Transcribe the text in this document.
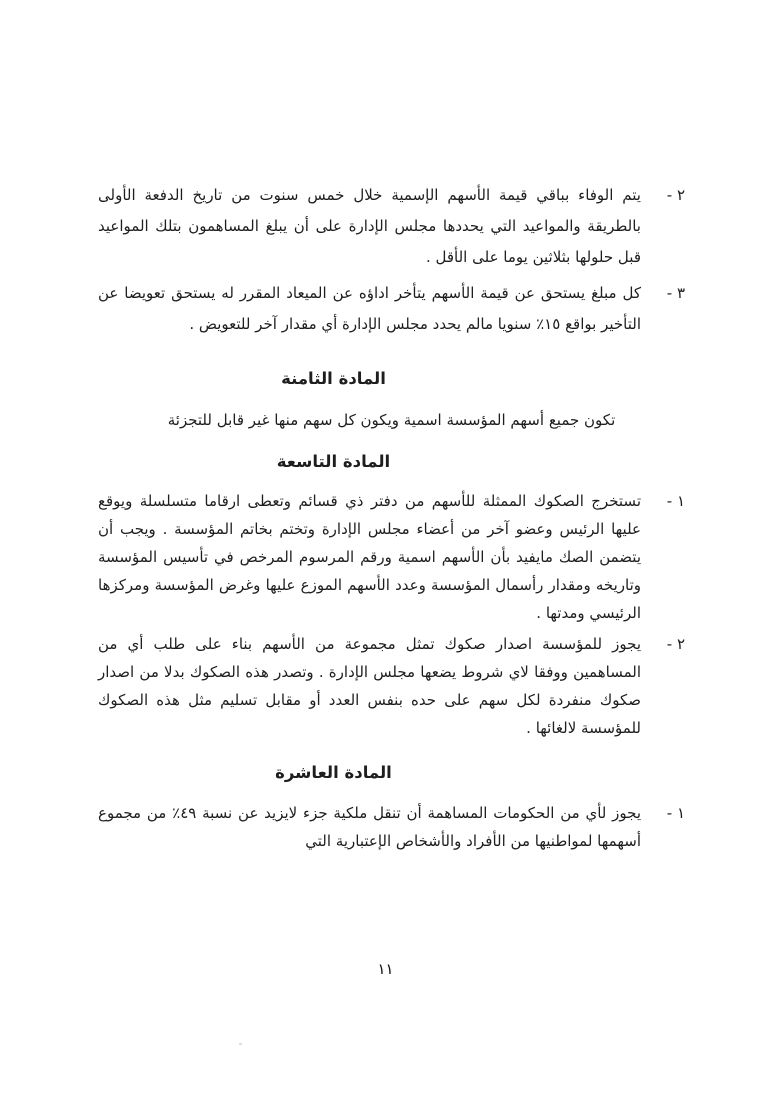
٢ -

يتم الوفاء بباقي قيمة الأسهم الإسمية خلال خمس سنوت من تاريخ الدفعة الأولى بالطريقة والمواعيد التي يحددها مجلس الإدارة على أن يبلغ المساهمون بتلك المواعيد قبل حلولها بثلاثين يوما على الأقل .

٣ -

كل مبلغ يستحق عن قيمة الأسهم يتأخر اداؤه عن الميعاد المقرر له يستحق تعويضا عن التأخير بواقع ١٥٪ سنويا مالم يحدد مجلس الإدارة أي مقدار آخر للتعويض .

المادة الثامنة

تكون جميع أسهم المؤسسة اسمية ويكون كل سهم منها غير قابل للتجزئة

المادة التاسعة
١ -

تستخرج الصكوك الممثلة للأسهم من دفتر ذي قسائم وتعطى ارقاما متسلسلة ويوقع عليها الرئيس وعضو آخر من أعضاء مجلس الإدارة وتختم بخاتم المؤسسة . ويجب أن يتضمن الصك مايفيد بأن الأسهم اسمية ورقم المرسوم المرخص في تأسيس المؤسسة وتاريخه ومقدار رأسمال المؤسسة وعدد الأسهم الموزع عليها وغرض المؤسسة ومركزها الرئيسي ومدتها .

٢ -

يجوز للمؤسسة اصدار صكوك تمثل مجموعة من الأسهم بناء على طلب أي من المساهمين ووفقا لاي شروط يضعها مجلس الإدارة . وتصدر هذه الصكوك بدلا من اصدار صكوك منفردة لكل سهم على حده بنفس العدد أو مقابل تسليم مثل هذه الصكوك للمؤسسة لالغائها .

المادة العاشرة
١ -

يجوز لأي من الحكومات المساهمة أن تنقل ملكية جزء لايزيد عن نسبة ٤٩٪ من مجموع أسهمها لمواطنيها من الأفراد والأشخاص الإعتبارية التي

١١
